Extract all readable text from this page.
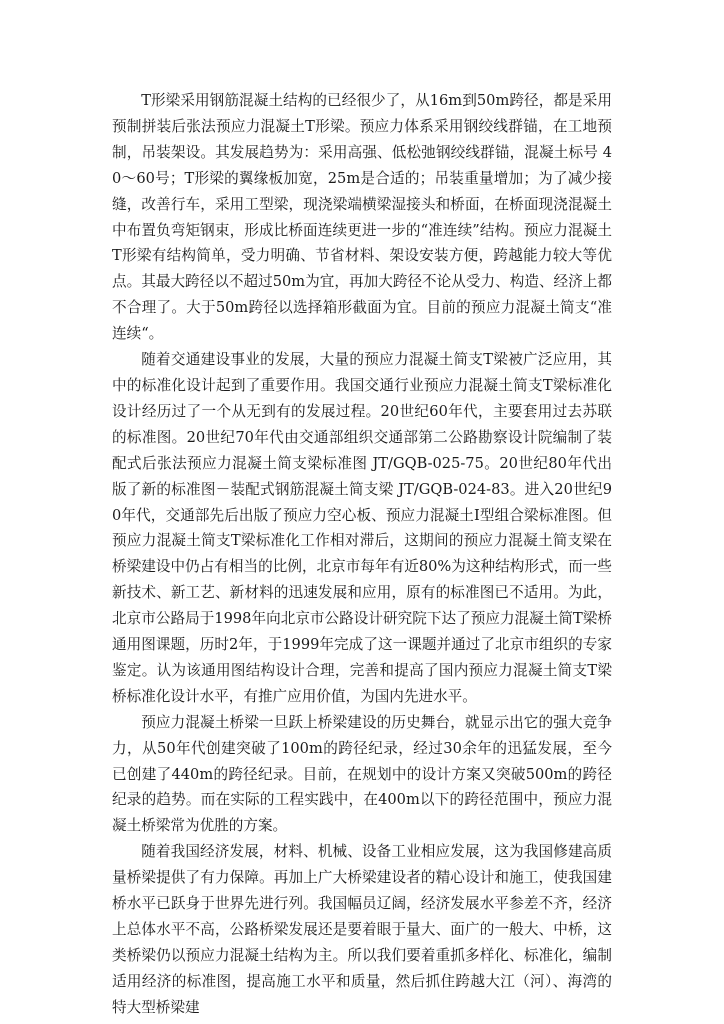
T形梁采用钢筋混凝土结构的已经很少了，从16m到50m跨径，都是采用预制拼装后张法预应力混凝土T形梁。预应力体系采用钢绞线群锚，在工地预制，吊装架设。其发展趋势为：采用高强、低松弛钢绞线群锚，混凝土标号 40～60号；T形梁的翼缘板加宽，25m是合适的；吊装重量增加；为了减少接缝，改善行车，采用工型梁，现浇梁端横梁湿接头和桥面，在桥面现浇混凝土中布置负弯矩钢束，形成比桥面连续更进一步的“准连续”结构。预应力混凝土T形梁有结构简单，受力明确、节省材料、架设安装方便，跨越能力较大等优点。其最大跨径以不超过50m为宜，再加大跨径不论从受力、构造、经济上都不合理了。大于50m跨径以选择箱形截面为宜。目前的预应力混凝土简支“准连续“。

随着交通建设事业的发展，大量的预应力混凝土简支T梁被广泛应用，其中的标准化设计起到了重要作用。我国交通行业预应力混凝土简支T梁标准化设计经历过了一个从无到有的发展过程。20世纪60年代，主要套用过去苏联的标准图。20世纪70年代由交通部组织交通部第二公路勘察设计院编制了装配式后张法预应力混凝土简支梁标准图 JT/GQB-025-75。20世纪80年代出版了新的标准图－装配式钢筋混凝土简支梁 JT/GQB-024-83。进入20世纪90年代，交通部先后出版了预应力空心板、预应力混凝土I型组合梁标准图。但预应力混凝土简支T梁标准化工作相对滞后，这期间的预应力混凝土简支梁在桥梁建设中仍占有相当的比例，北京市每年有近80%为这种结构形式，而一些新技术、新工艺、新材料的迅速发展和应用，原有的标准图已不适用。为此，北京市公路局于1998年向北京市公路设计研究院下达了预应力混凝土简T梁桥通用图课题，历时2年，于1999年完成了这一课题并通过了北京市组织的专家鉴定。认为该通用图结构设计合理，完善和提高了国内预应力混凝土简支T梁桥标准化设计水平，有推广应用价值，为国内先进水平。

预应力混凝土桥梁一旦跃上桥梁建设的历史舞台，就显示出它的强大竞争力，从50年代创建突破了100m的跨径纪录，经过30余年的迅猛发展，至今已创建了440m的跨径纪录。目前，在规划中的设计方案又突破500m的跨径纪录的趋势。而在实际的工程实践中，在400m以下的跨径范围中，预应力混凝土桥梁常为优胜的方案。

随着我国经济发展，材料、机械、设备工业相应发展，这为我国修建高质量桥梁提供了有力保障。再加上广大桥梁建设者的精心设计和施工，使我国建桥水平已跃身于世界先进行列。我国幅员辽阔，经济发展水平参差不齐，经济上总体水平不高，公路桥梁发展还是要着眼于量大、面广的一般大、中桥，这类桥梁仍以预应力混凝土结构为主。所以我们要着重抓多样化、标准化，编制适用经济的标准图，提高施工水平和质量，然后抓住跨越大江（河）、海湾的特大型桥梁建
